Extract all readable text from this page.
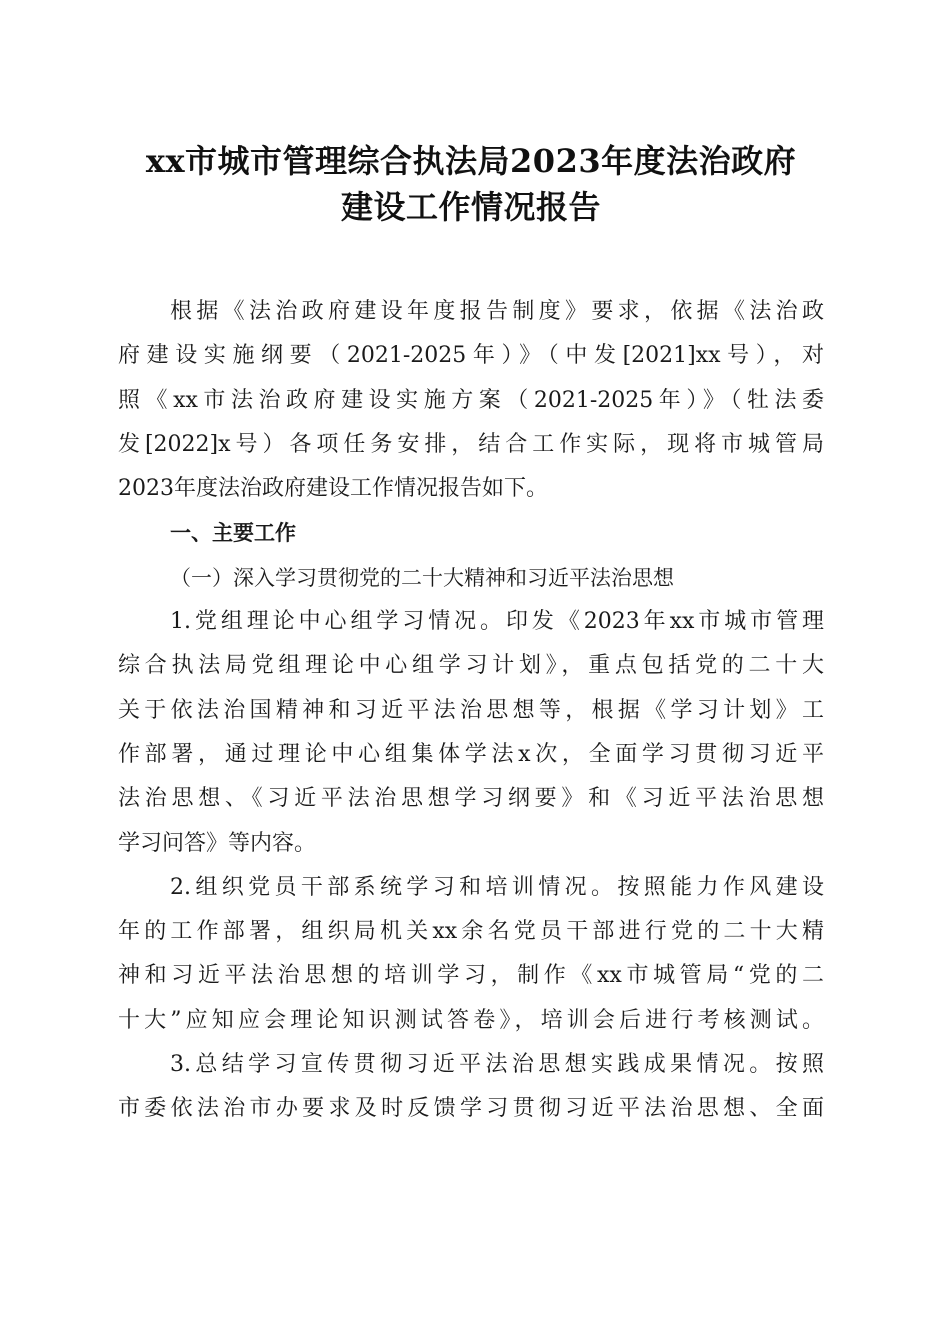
xx市城市管理综合执法局2023年度法治政府
建设工作情况报告
根据《法治政府建设年度报告制度》要求，依据《法治政
府建设实施纲要（2021-2025年）》（中发[2021]xx号），对
照《xx市法治政府建设实施方案（2021-2025年）》（牡法委
发[2022]x号）各项任务安排，结合工作实际，现将市城管局
2023年度法治政府建设工作情况报告如下。
一、主要工作
（一）深入学习贯彻党的二十大精神和习近平法治思想
1.党组理论中心组学习情况。印发《2023年xx市城市管理
综合执法局党组理论中心组学习计划》，重点包括党的二十大
关于依法治国精神和习近平法治思想等，根据《学习计划》工
作部署，通过理论中心组集体学法x次，全面学习贯彻习近平
法治思想、《习近平法治思想学习纲要》和《习近平法治思想
学习问答》等内容。
2.组织党员干部系统学习和培训情况。按照能力作风建设
年的工作部署，组织局机关xx余名党员干部进行党的二十大精
神和习近平法治思想的培训学习，制作《xx市城管局“党的二
十大”应知应会理论知识测试答卷》，培训会后进行考核测试。
3.总结学习宣传贯彻习近平法治思想实践成果情况。按照
市委依法治市办要求及时反馈学习贯彻习近平法治思想、全面
